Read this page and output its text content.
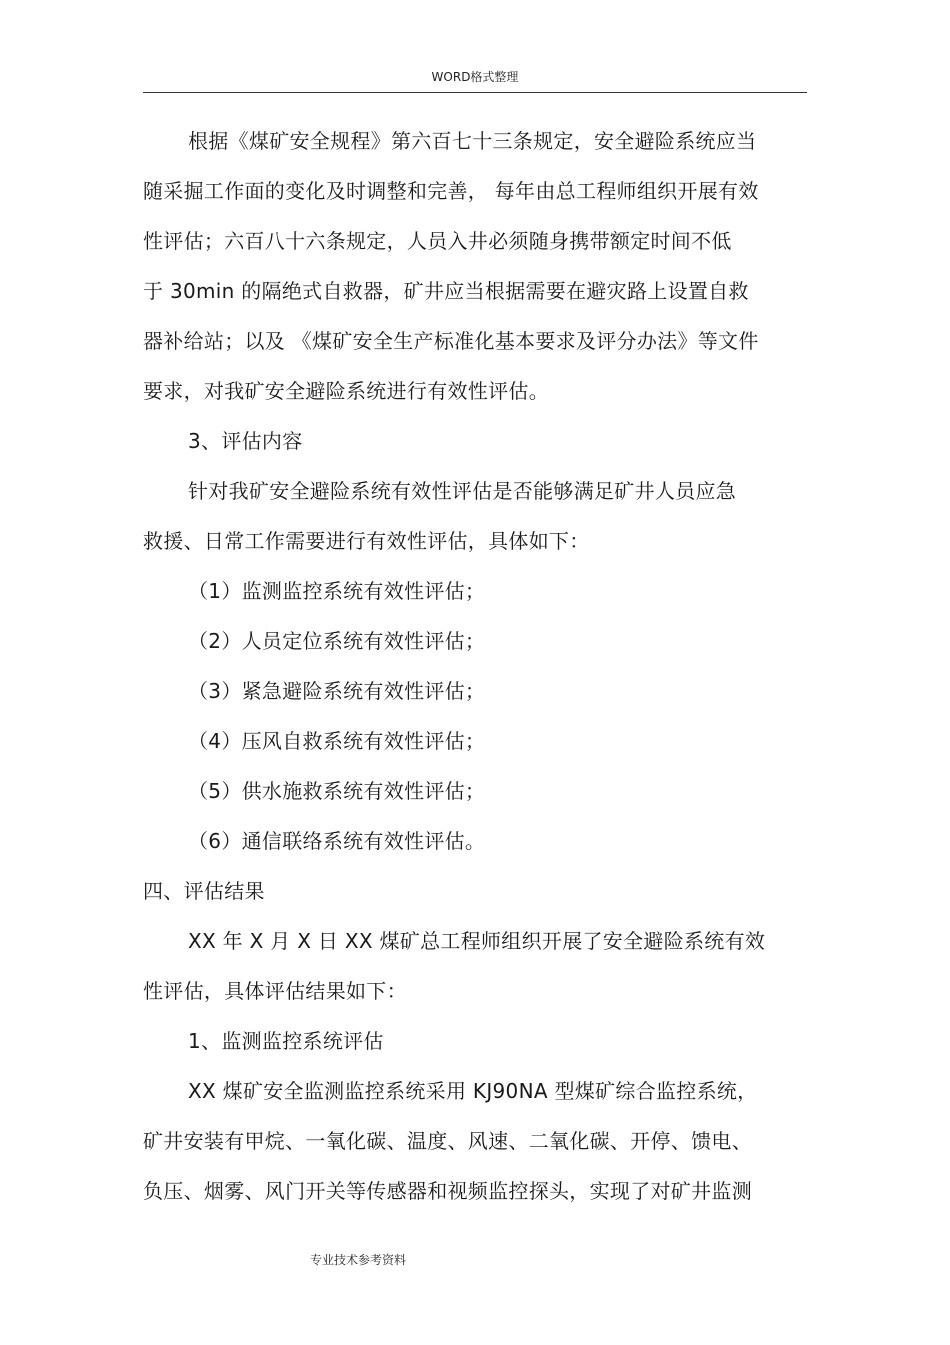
WORD格式整理
根据《煤矿安全规程》第六百七十三条规定，安全避险系统应当
随采掘工作面的变化及时调整和完善， 每年由总工程师组织开展有效
性评估；六百八十六条规定，人员入井必须随身携带额定时间不低
于 30min 的隔绝式自救器，矿井应当根据需要在避灾路上设置自救
器补给站；以及 《煤矿安全生产标准化基本要求及评分办法》等文件
要求，对我矿安全避险系统进行有效性评估。
3、评估内容
针对我矿安全避险系统有效性评估是否能够满足矿井人员应急
救援、日常工作需要进行有效性评估，具体如下：
（1）监测监控系统有效性评估；
（2）人员定位系统有效性评估；
（3）紧急避险系统有效性评估；
（4）压风自救系统有效性评估；
（5）供水施救系统有效性评估；
（6）通信联络系统有效性评估。
四、评估结果
XX 年 X 月 X 日 XX 煤矿总工程师组织开展了安全避险系统有效
性评估，具体评估结果如下：
1、监测监控系统评估
XX 煤矿安全监测监控系统采用 KJ90NA 型煤矿综合监控系统，
矿井安装有甲烷、一氧化碳、温度、风速、二氧化碳、开停、馈电、
负压、烟雾、风门开关等传感器和视频监控探头，实现了对矿井监测
专业技术参考资料
